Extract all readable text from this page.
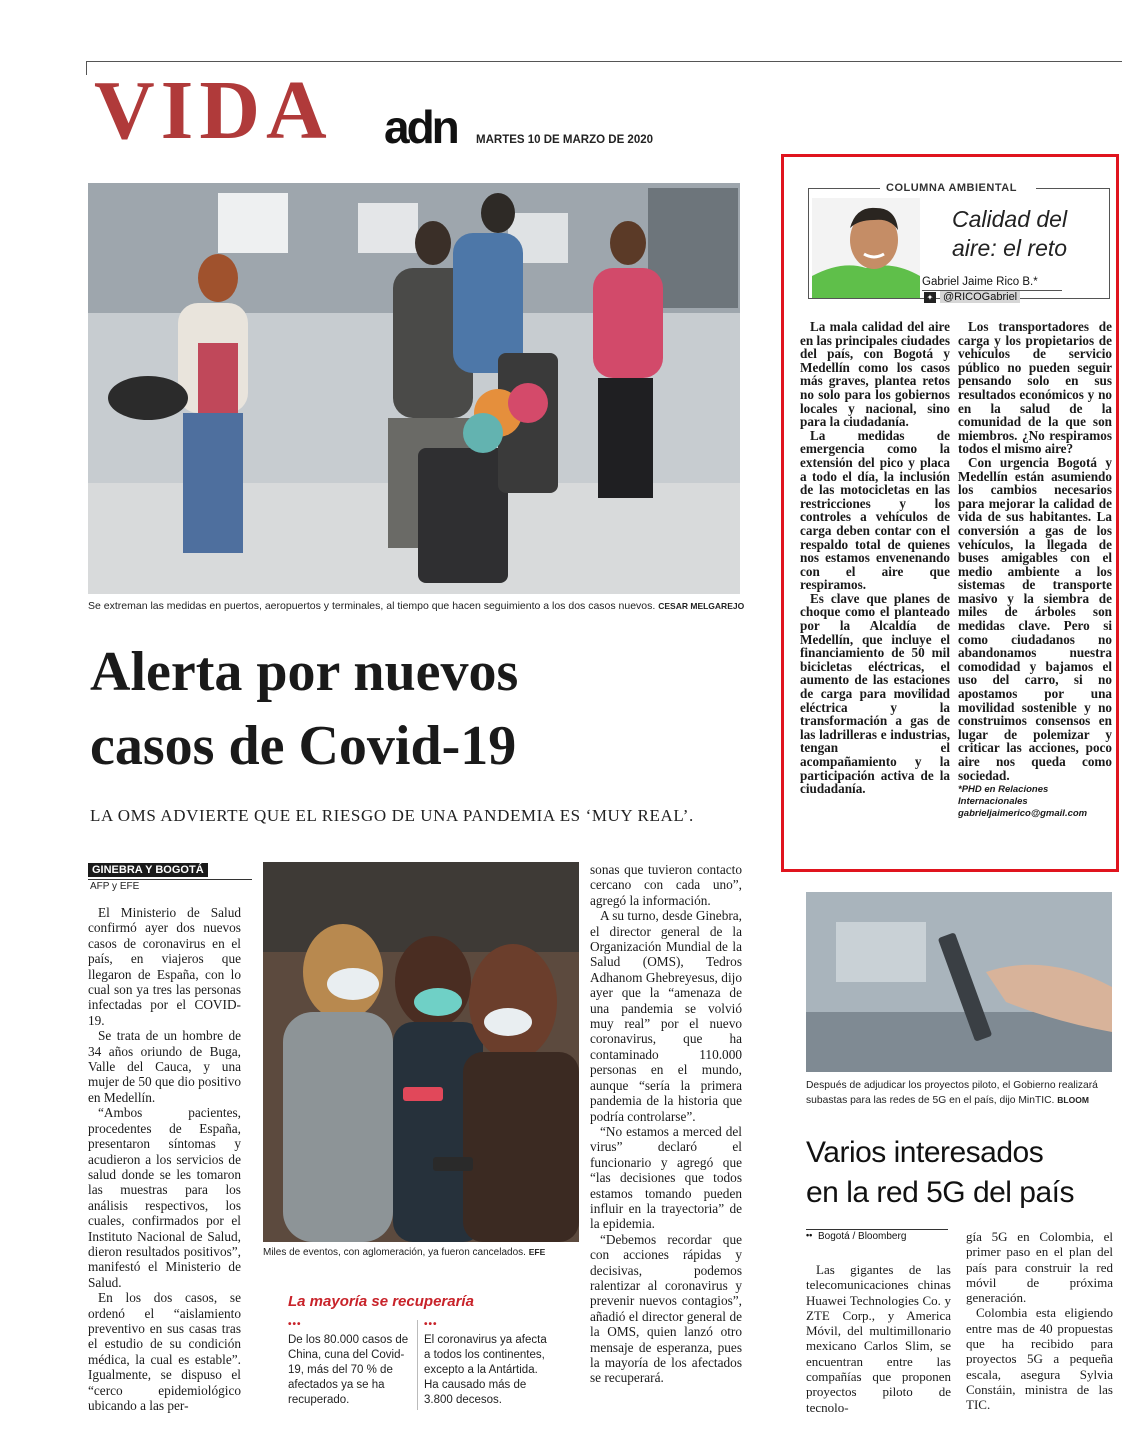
VIDA adn MARTES 10 DE MARZO DE 2020
Se extreman las medidas en puertos, aeropuertos y terminales, al tiempo que hacen seguimiento a los dos casos nuevos. CESAR MELGAREJO
Alerta por nuevos
casos de Covid-19
LA OMS ADVIERTE QUE EL RIESGO DE UNA PANDEMIA ES ‘MUY REAL’.
GINEBRA Y BOGOTÁ
AFP y EFE

El Ministerio de Salud confirmó ayer dos nuevos casos de coronavirus en el país, en viajeros que llegaron de España, con lo cual son ya tres las personas infectadas por el COVID-19.

Se trata de un hombre de 34 años oriundo de Buga, Valle del Cauca, y una mujer de 50 que dio positivo en Medellín.

“Ambos pacientes, procedentes de España, presentaron síntomas y acudieron a los servicios de salud donde se les tomaron las muestras para los análisis respectivos, los cuales, confirmados por el Instituto Nacional de Salud, dieron resultados positivos”, manifestó el Ministerio de Salud.

En los dos casos, se ordenó el “aislamiento preventivo en sus casas tras el estudio de su condición médica, la cual es estable”. Igualmente, se dispuso el “cerco epidemiológico ubicando a las per-

Miles de eventos, con aglomeración, ya fueron cancelados. EFE

sonas que tuvieron contacto cercano con cada uno”, agregó la información.

A su turno, desde Ginebra, el director general de la Organización Mundial de la Salud (OMS), Tedros Adhanom Ghebreyesus, dijo ayer que la “amenaza de una pandemia se volvió muy real” por el nuevo coronavirus, que ha contaminado 110.000 personas en el mundo, aunque “sería la primera pandemia de la historia que podría controlarse”.

“No estamos a merced del virus” declaró el funcionario y agregó que “las decisiones que todos estamos tomando pueden influir en la trayectoria” de la epidemia.

“Debemos recordar que con acciones rápidas y decisivas, podemos ralentizar al coronavirus y prevenir nuevos contagios”, añadió el director general de la OMS, quien lanzó otro mensaje de esperanza, pues la mayoría de los afectados se recuperará.

La mayoría se recuperaría
•••
De los 80.000 casos de China, cuna del Covid-19, más del 70 % de afectados ya se ha recuperado.
•••
El coronavirus ya afecta a todos los continentes, excepto a la Antártida. Ha causado más de 3.800 decesos.
COLUMNA AMBIENTAL
Calidad del
aire: el reto
Gabriel Jaime Rico B.*
✦ @RICOGabriel

La mala calidad del aire en las principales ciudades del país, con Bogotá y Medellín como los casos más graves, plantea retos no solo para los gobiernos locales y nacional, sino para la ciudadanía.

La medidas de emergencia como la extensión del pico y placa a todo el día, la inclusión de las motocicletas en las restricciones y los controles a vehículos de carga deben contar con el respaldo total de quienes nos estamos envenenando con el aire que respiramos.

Es clave que planes de choque como el planteado por la Alcaldía de Medellín, que incluye el financiamiento de 50 mil bicicletas eléctricas, el aumento de las estaciones de carga para movilidad eléctrica y la transformación a gas de las ladrilleras e industrias, tengan el acompañamiento y la participación activa de la ciudadanía.

Los transportadores de carga y los propietarios de vehículos de servicio público no pueden seguir pensando solo en sus resultados económicos y no en la salud de la comunidad de la que son miembros. ¿No respiramos todos el mismo aire?

Con urgencia Bogotá y Medellín están asumiendo los cambios necesarios para mejorar la calidad de vida de sus habitantes. La conversión a gas de los vehículos, la llegada de buses amigables con el medio ambiente a los sistemas de transporte masivo y la siembra de miles de árboles son medidas clave. Pero si como ciudadanos no abandonamos nuestra comodidad y bajamos el uso del carro, si no apostamos por una movilidad sostenible y no construimos consensos en lugar de polemizar y criticar las acciones, poco aire nos queda como sociedad.

*PHD en Relaciones Internacionales
gabrieljaimerico@gmail.com
Después de adjudicar los proyectos piloto, el Gobierno realizará subastas para las redes de 5G en el país, dijo MinTIC. BLOOM
Varios interesados
en la red 5G del país
•• Bogotá / Bloomberg

Las gigantes de las telecomunicaciones chinas Huawei Technologies Co. y ZTE Corp., y America Móvil, del multimillonario mexicano Carlos Slim, se encuentran entre las compañías que proponen proyectos piloto de tecnolo-

gía 5G en Colombia, el primer paso en el plan del país para construir la red móvil de próxima generación.

Colombia esta eligiendo entre mas de 40 propuestas que ha recibido para proyectos 5G a pequeña escala, asegura Sylvia Constáin, ministra de las TIC.
